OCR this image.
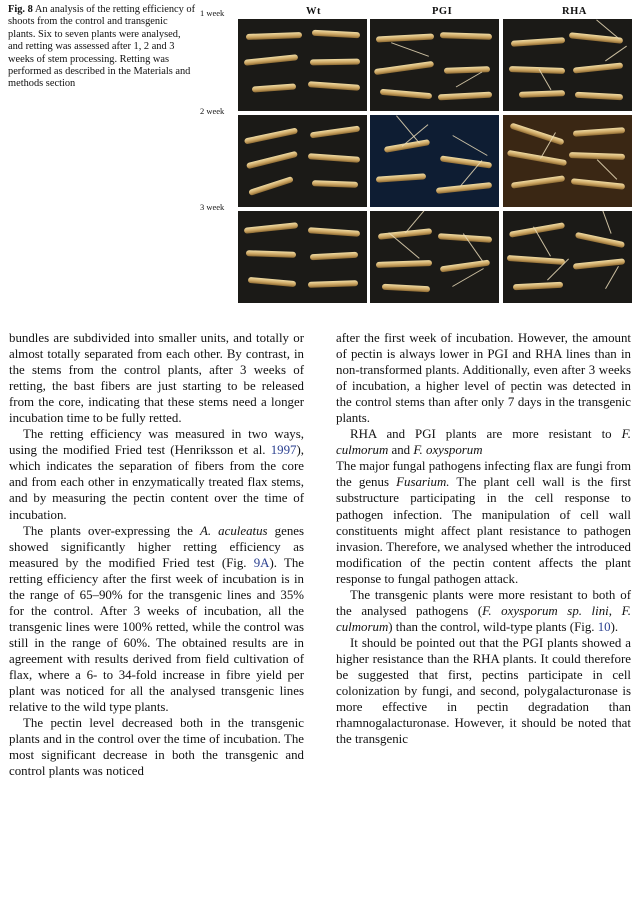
Fig. 8 An analysis of the retting efficiency of shoots from the control and transgenic plants. Six to seven plants were analysed, and retting was assessed after 1, 2 and 3 weeks of stem processing. Retting was performed as described in the Materials and methods section
Wt	PGI	RHA
1 week
2 week
3 week

bundles are subdivided into smaller units, and totally or almost totally separated from each other. By contrast, in the stems from the control plants, after 3 weeks of retting, the bast fibers are just starting to be released from the core, indicating that these stems need a longer incubation time to be fully retted.

The retting efficiency was measured in two ways, using the modified Fried test (Henriksson et al. 1997), which indicates the separation of fibers from the core and from each other in enzymatically treated flax stems, and by measuring the pectin content over the time of incubation.

The plants over-expressing the A. aculeatus genes showed significantly higher retting efficiency as measured by the modified Fried test (Fig. 9A). The retting efficiency after the first week of incubation is in the range of 65–90% for the transgenic lines and 35% for the control. After 3 weeks of incubation, all the transgenic lines were 100% retted, while the control was still in the range of 60%. The obtained results are in agreement with results derived from field cultivation of flax, where a 6- to 34-fold increase in fibre yield per plant was noticed for all the analysed transgenic lines relative to the wild type plants.

The pectin level decreased both in the transgenic plants and in the control over the time of incubation. The most significant decrease in both the transgenic and control plants was noticed

after the first week of incubation. However, the amount of pectin is always lower in PGI and RHA lines than in non-transformed plants. Additionally, even after 3 weeks of incubation, a higher level of pectin was detected in the control stems than after only 7 days in the transgenic plants.

RHA and PGI plants are more resistant to F. culmorum and F. oxysporum

The major fungal pathogens infecting flax are fungi from the genus Fusarium. The plant cell wall is the first substructure participating in the cell response to pathogen infection. The manipulation of cell wall constituents might affect plant resistance to pathogen invasion. Therefore, we analysed whether the introduced modification of the pectin content affects the plant response to fungal pathogen attack.

The transgenic plants were more resistant to both of the analysed pathogens (F. oxysporum sp. lini, F. culmorum) than the control, wild-type plants (Fig. 10).

It should be pointed out that the PGI plants showed a higher resistance than the RHA plants. It could therefore be suggested that first, pectins participate in cell colonization by fungi, and second, polygalacturonase is more effective in pectin degradation than rhamnogalacturonase. However, it should be noted that the transgenic
